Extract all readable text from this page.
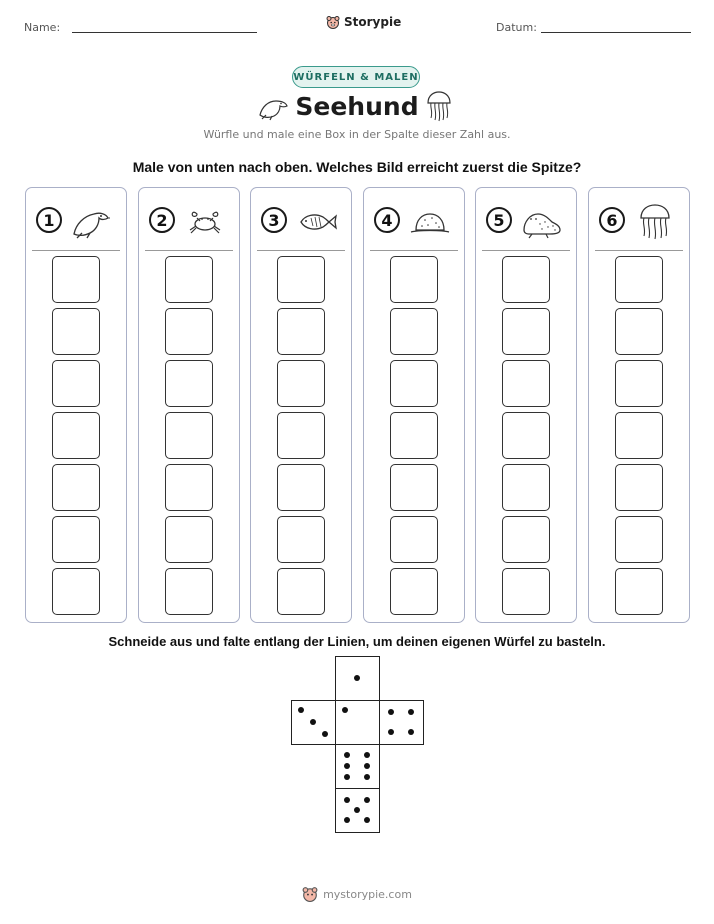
Name:	Storypie	Datum:
WÜRFELN & MALEN
Seehund
Würfle und male eine Box in der Spalte dieser Zahl aus.
Male von unten nach oben. Welches Bild erreicht zuerst die Spitze?
1	2	3	4	5	6
Schneide aus und falte entlang der Linien, um deinen eigenen Würfel zu basteln.
mystorypie.com
